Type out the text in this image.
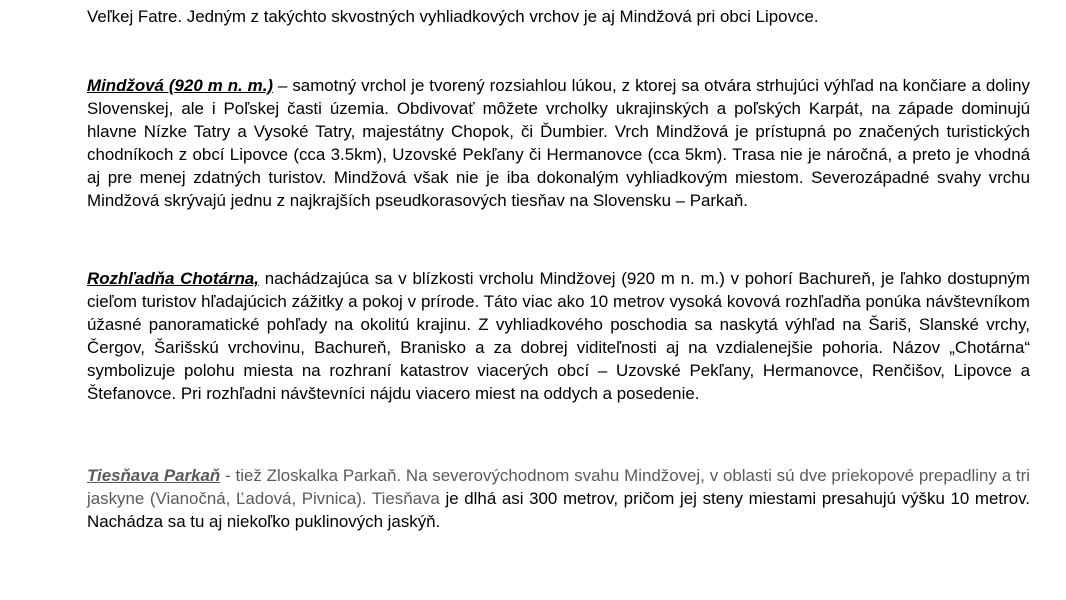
Veľkej Fatre. Jedným z takýchto skvostných vyhliadkových vrchov je aj Mindžová pri obci Lipovce.

Mindžová (920 m n. m.) – samotný vrchol je tvorený rozsiahlou lúkou, z ktorej sa otvára strhujúci výhľad na končiare a doliny Slovenskej, ale i Poľskej časti územia. Obdivovať môžete vrcholky ukrajinských a poľských Karpát, na západe dominujú hlavne Nízke Tatry a Vysoké Tatry, majestátny Chopok, či Ďumbier. Vrch Mindžová je prístupná po značených turistických chodníkoch z obcí Lipovce (cca 3.5km), Uzovské Pekľany či Hermanovce (cca 5km). Trasa nie je náročná, a preto je vhodná aj pre menej zdatných turistov. Mindžová však nie je iba dokonalým vyhliadkovým miestom. Severozápadné svahy vrchu Mindžová skrývajú jednu z najkrajších pseudkorasových tiesňav na Slovensku – Parkaň.

Rozhľadňa Chotárna, nachádzajúca sa v blízkosti vrcholu Mindžovej (920 m n. m.) v pohorí Bachureň, je ľahko dostupným cieľom turistov hľadajúcich zážitky a pokoj v prírode. Táto viac ako 10 metrov vysoká kovová rozhľadňa ponúka návštevníkom úžasné panoramatické pohľady na okolitú krajinu. Z vyhliadkového poschodia sa naskytá výhľad na Šariš, Slanské vrchy, Čergov, Šarišskú vrchovinu, Bachureň, Branisko a za dobrej viditeľnosti aj na vzdialenejšie pohoria. Názov „Chotárna“ symbolizuje polohu miesta na rozhraní katastrov viacerých obcí – Uzovské Pekľany, Hermanovce, Renčišov, Lipovce a Štefanovce. Pri rozhľadni návštevníci nájdu viacero miest na oddych a posedenie.

Tiesňava Parkaň - tiež Zloskalka Parkaň. Na severovýchodnom svahu Mindžovej, v oblasti sú dve priekopové prepadliny a tri jaskyne (Vianočná, Ľadová, Pivnica). Tiesňava je dlhá asi 300 metrov, pričom jej steny miestami presahujú výšku 10 metrov. Nachádza sa tu aj niekoľko puklinových jaskýň.
